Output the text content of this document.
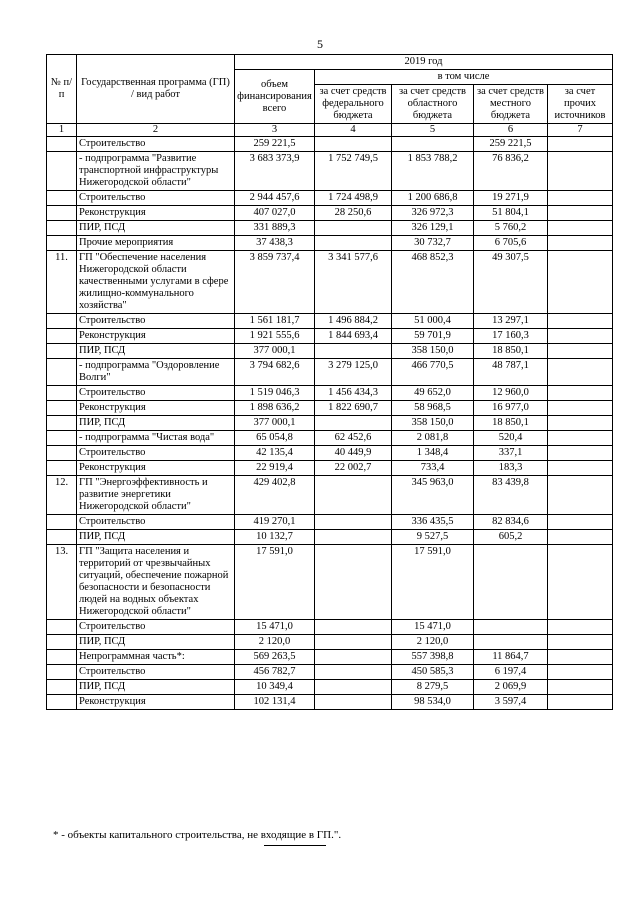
5
№ п/ п	Государственная программа (ГП) / вид работ	2019 год				
		объем финансирования всего	в том числе			
			за счет средств федерального бюджета	за счет средств областного бюджета	за счет средств местного бюджета	за счет прочих источников
1	2	3	4	5	6	7
	Строительство	259 221,5			259 221,5	
	- подпрограмма "Развитие транспортной инфраструктуры Нижегородской области"	3 683 373,9	1 752 749,5	1 853 788,2	76 836,2	
	Строительство	2 944 457,6	1 724 498,9	1 200 686,8	19 271,9	
	Реконструкция	407 027,0	28 250,6	326 972,3	51 804,1	
	ПИР, ПСД	331 889,3		326 129,1	5 760,2	
	Прочие мероприятия	37 438,3		30 732,7	6 705,6	
11.	ГП "Обеспечение населения Нижегородской области качественными услугами в сфере жилищно-коммунального хозяйства"	3 859 737,4	3 341 577,6	468 852,3	49 307,5	
	Строительство	1 561 181,7	1 496 884,2	51 000,4	13 297,1	
	Реконструкция	1 921 555,6	1 844 693,4	59 701,9	17 160,3	
	ПИР, ПСД	377 000,1		358 150,0	18 850,1	
	- подпрограмма "Оздоровление Волги"	3 794 682,6	3 279 125,0	466 770,5	48 787,1	
	Строительство	1 519 046,3	1 456 434,3	49 652,0	12 960,0	
	Реконструкция	1 898 636,2	1 822 690,7	58 968,5	16 977,0	
	ПИР, ПСД	377 000,1		358 150,0	18 850,1	
	- подпрограмма "Чистая вода"	65 054,8	62 452,6	2 081,8	520,4	
	Строительство	42 135,4	40 449,9	1 348,4	337,1	
	Реконструкция	22 919,4	22 002,7	733,4	183,3	
12.	ГП "Энергоэффективность и развитие энергетики Нижегородской области"	429 402,8		345 963,0	83 439,8	
	Строительство	419 270,1		336 435,5	82 834,6	
	ПИР, ПСД	10 132,7		9 527,5	605,2	
13.	ГП "Защита населения и территорий от чрезвычайных ситуаций, обеспечение пожарной безопасности и безопасности людей на водных объектах Нижегородской области"	17 591,0		17 591,0		
	Строительство	15 471,0		15 471,0		
	ПИР, ПСД	2 120,0		2 120,0		
	Непрограммная часть*:	569 263,5		557 398,8	11 864,7	
	Строительство	456 782,7		450 585,3	6 197,4	
	ПИР, ПСД	10 349,4		8 279,5	2 069,9	
	Реконструкция	102 131,4		98 534,0	3 597,4	
* - объекты капитального строительства, не входящие в ГП.".
